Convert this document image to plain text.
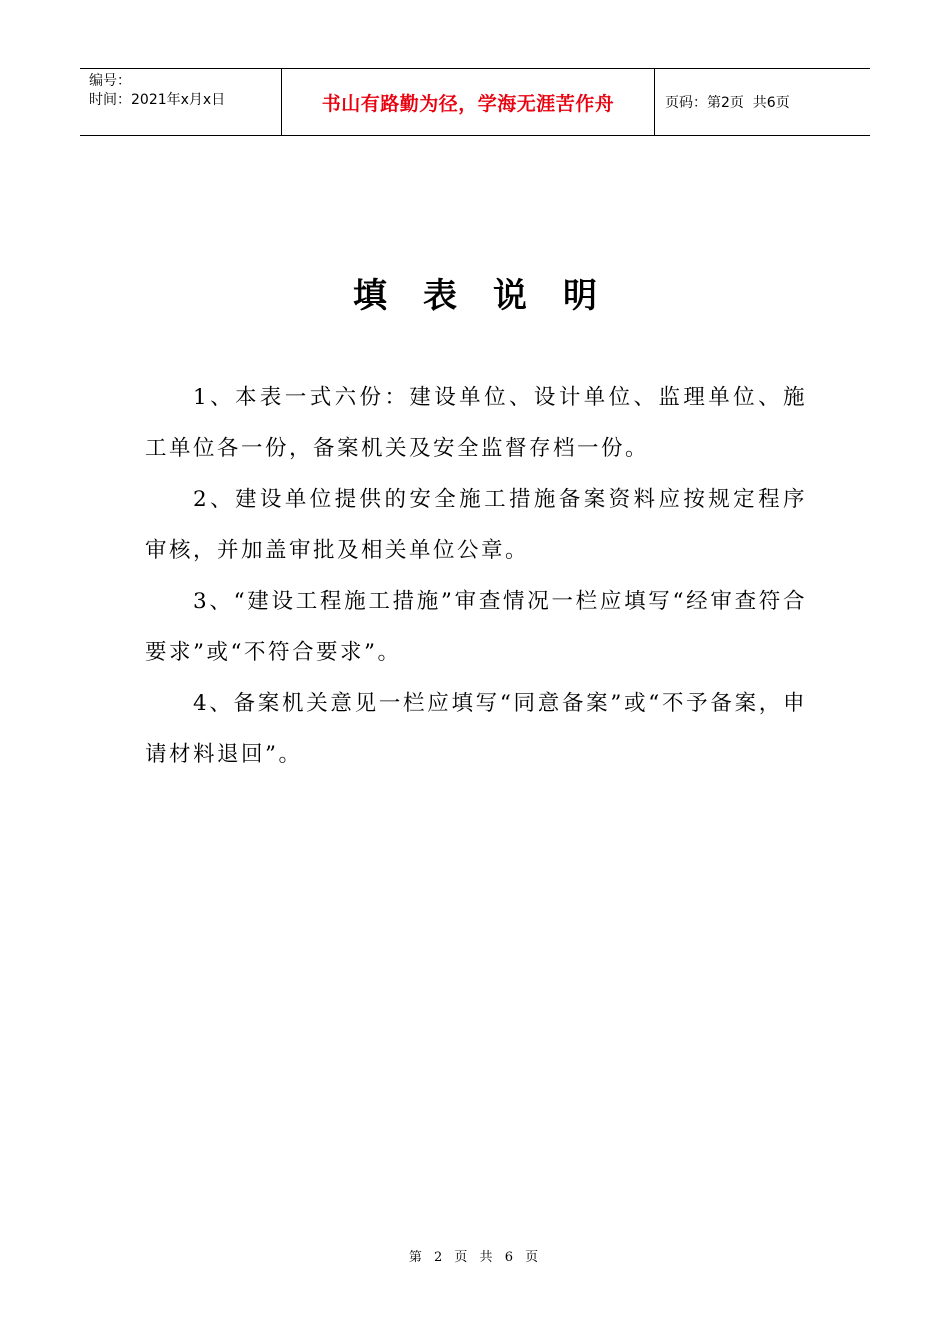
编号：
时间：2021年x月x日	书山有路勤为径，学海无涯苦作舟	页码：第2页  共6页
填表说明

1、本表一式六份：建设单位、设计单位、监理单位、施工单位各一份，备案机关及安全监督存档一份。

2、建设单位提供的安全施工措施备案资料应按规定程序审核，并加盖审批及相关单位公章。

3、“建设工程施工措施”审查情况一栏应填写“经审查符合要求”或“不符合要求”。

4、备案机关意见一栏应填写“同意备案”或“不予备案，申请材料退回”。

第 2 页 共 6 页
